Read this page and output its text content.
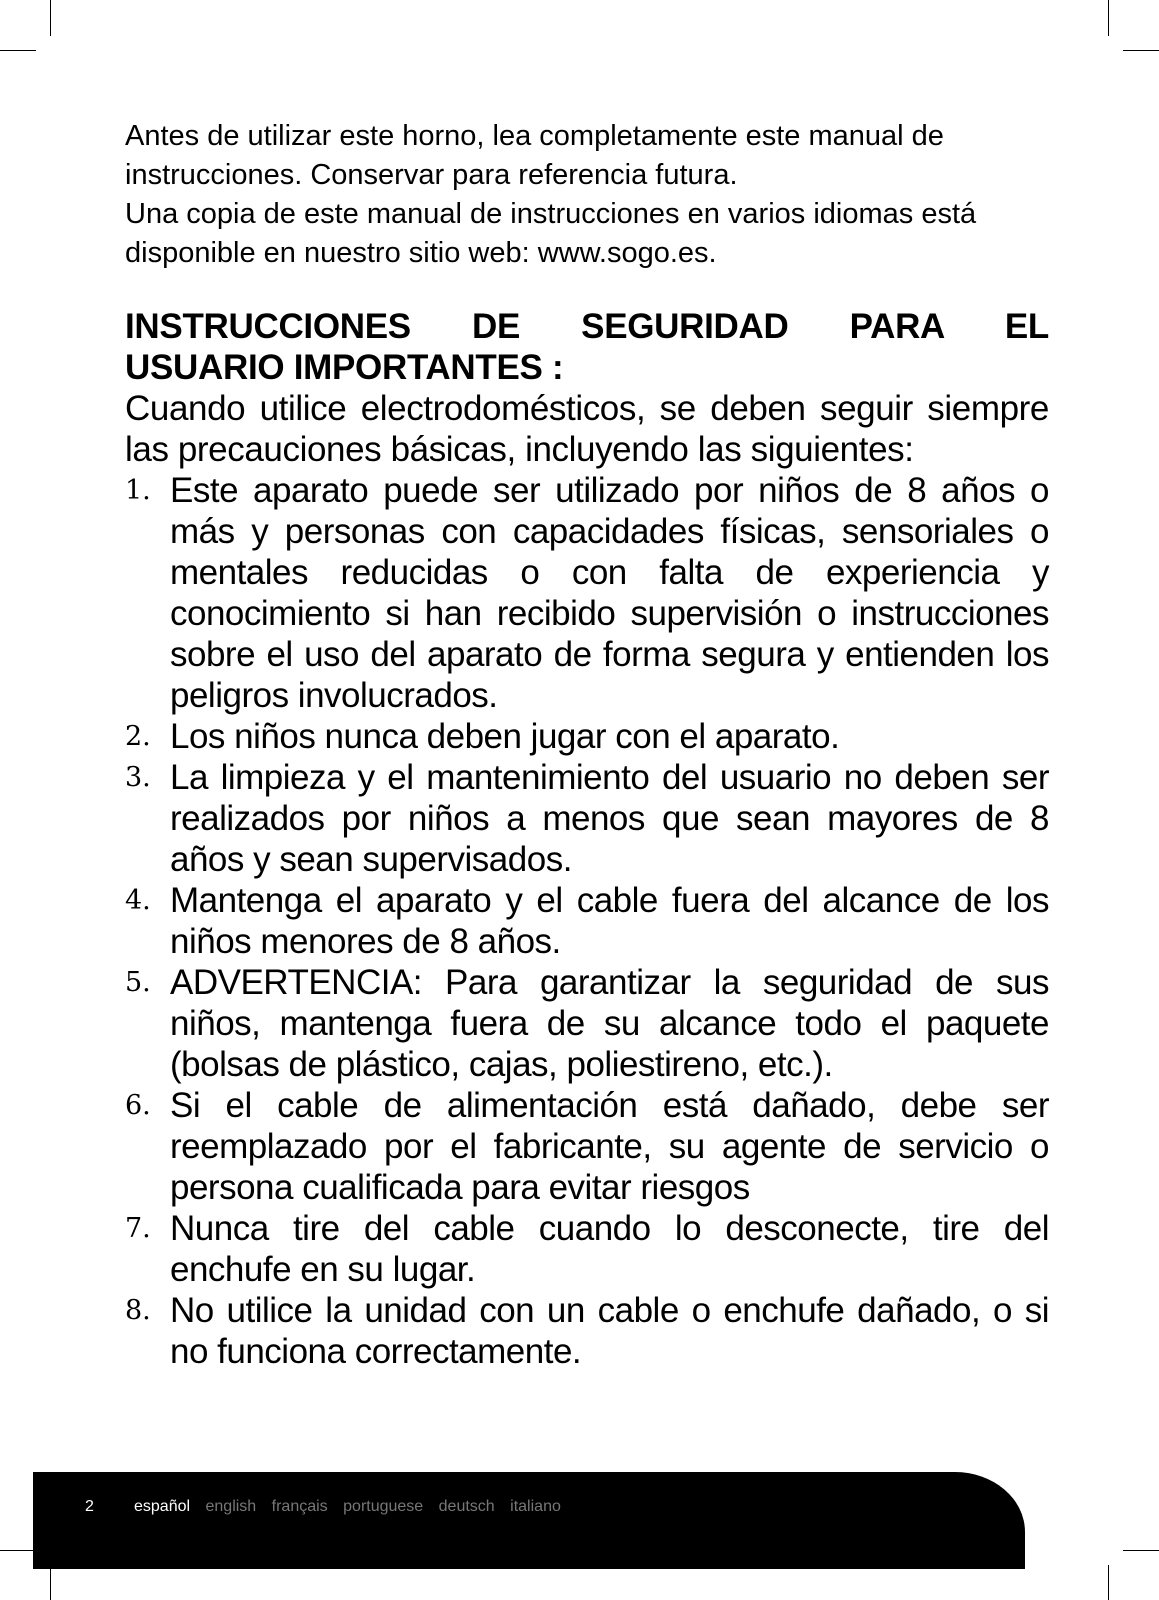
Antes de utilizar este horno, lea completamente este manual de instrucciones. Conservar para referencia futura.

Una copia de este manual de instrucciones en varios idiomas está disponible en nuestro sitio web: www.sogo.es.

INSTRUCCIONES DE SEGURIDAD PARA EL
USUARIO IMPORTANTES :

Cuando utilice electrodomésticos, se deben seguir siempre las precauciones básicas, incluyendo las siguientes:

1. Este aparato puede ser utilizado por niños de 8 años o más y personas con capacidades físicas, sensoriales o mentales reducidas o con falta de experiencia y conocimiento si han recibido supervisión o instrucciones sobre el uso del aparato de forma segura y entienden los peligros involucrados.
2. Los niños nunca deben jugar con el aparato.
3. La limpieza y el mantenimiento del usuario no deben ser realizados por niños a menos que sean mayores de 8 años y sean supervisados.
4. Mantenga el aparato y el cable fuera del alcance de los niños menores de 8 años.
5. ADVERTENCIA: Para garantizar la seguridad de sus niños, mantenga fuera de su alcance todo el paquete (bolsas de plástico, cajas, poliestireno, etc.).
6. Si el cable de alimentación está dañado, debe ser reemplazado por el fabricante, su agente de servicio o persona cualificada para evitar riesgos
7. Nunca tire del cable cuando lo desconecte, tire del enchufe en su lugar.
8. No utilice la unidad con un cable o enchufe dañado, o si no funciona correctamente.
2	español english français portuguese deutsch italiano
